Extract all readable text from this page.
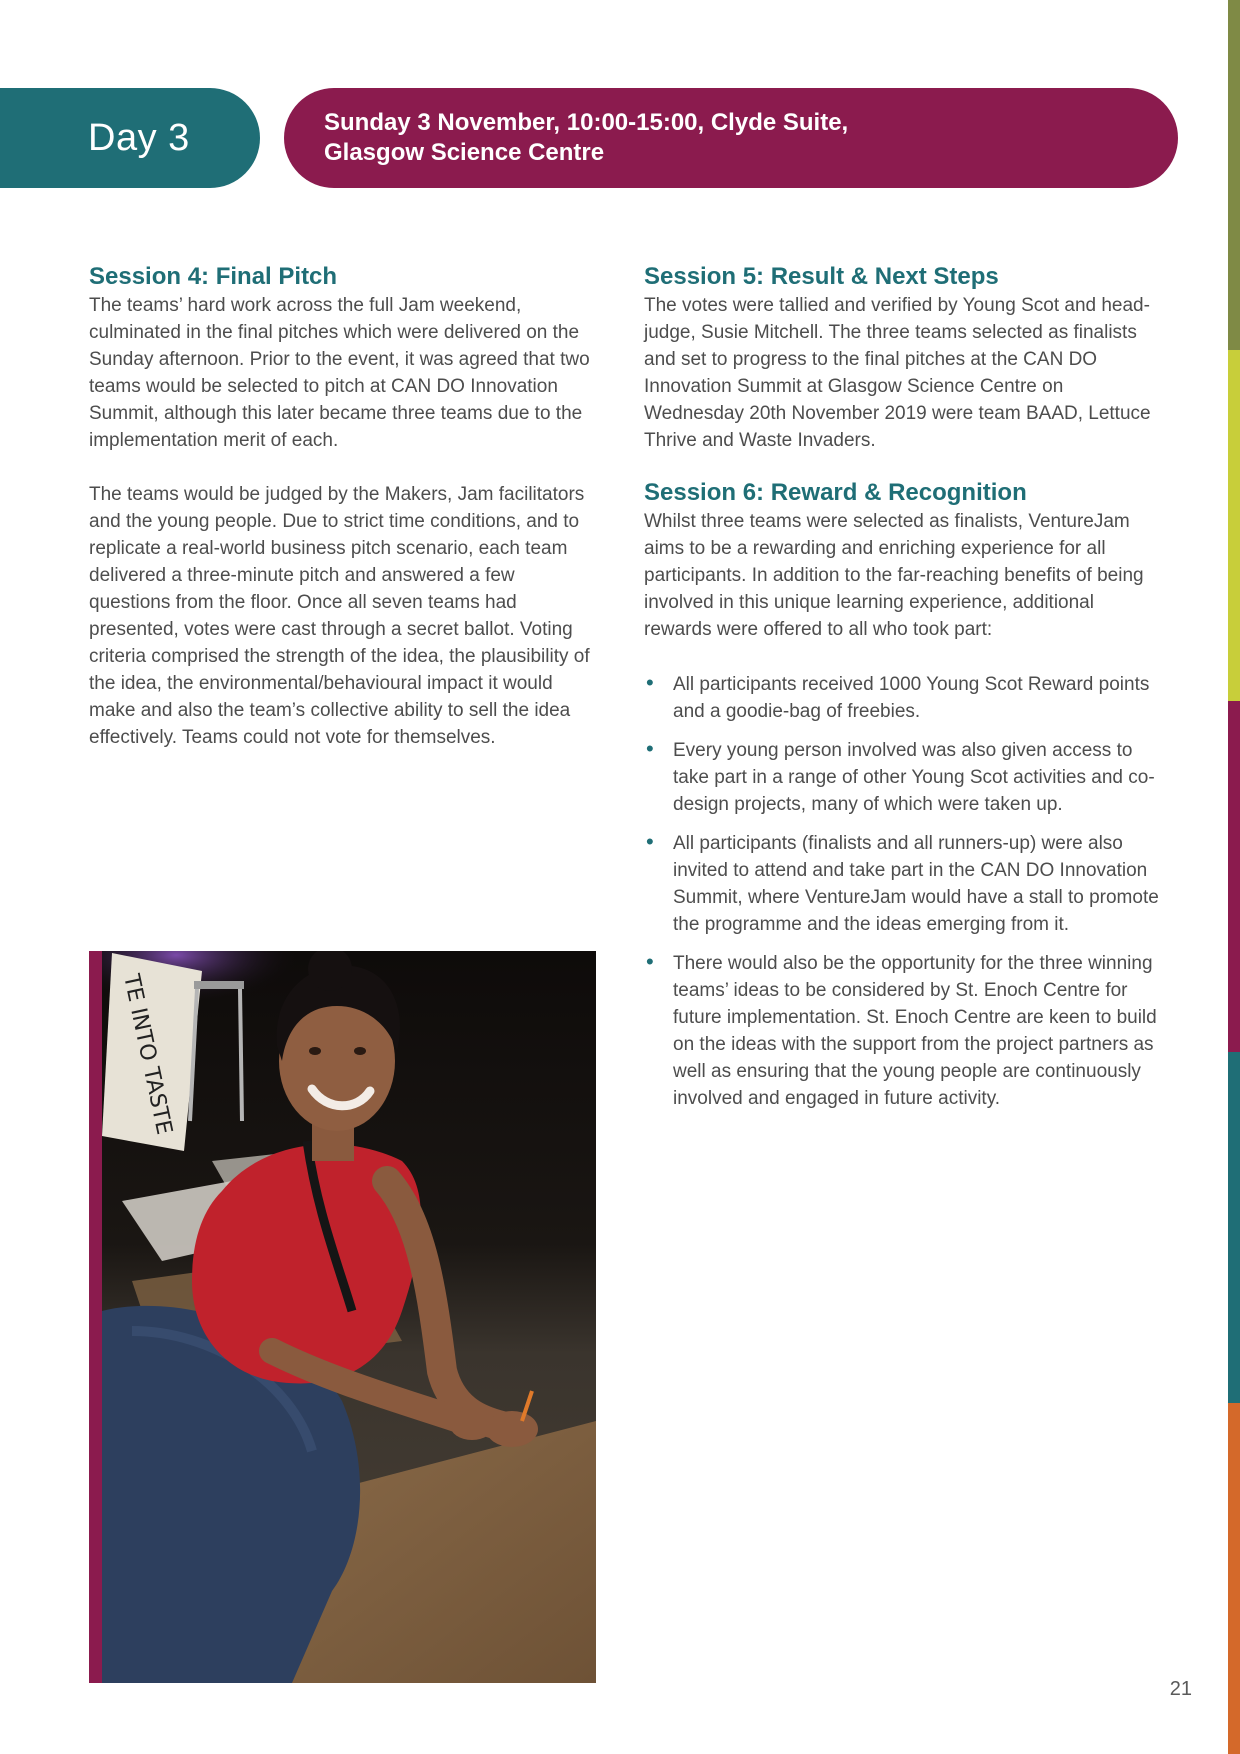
Day 3	Sunday 3 November, 10:00-15:00, Clyde Suite, Glasgow Science Centre
Session 4: Final Pitch

The teams’ hard work across the full Jam weekend, culminated in the final pitches which were delivered on the Sunday afternoon. Prior to the event, it was agreed that two teams would be selected to pitch at CAN DO Innovation Summit, although this later became three teams due to the implementation merit of each.

The teams would be judged by the Makers, Jam facilitators and the young people. Due to strict time conditions, and to replicate a real-world business pitch scenario, each team delivered a three-minute pitch and answered a few questions from the floor. Once all seven teams had presented, votes were cast through a secret ballot. Voting criteria comprised the strength of the idea, the plausibility of the idea, the environmental/behavioural impact it would make and also the team’s collective ability to sell the idea effectively. Teams could not vote for themselves.

Session 5: Result & Next Steps

The votes were tallied and verified by Young Scot and head-judge, Susie Mitchell. The three teams selected as finalists and set to progress to the final pitches at the CAN DO Innovation Summit at Glasgow Science Centre on Wednesday 20th November 2019 were team BAAD, Lettuce Thrive and Waste Invaders.

Session 6: Reward & Recognition

Whilst three teams were selected as finalists, VentureJam aims to be a rewarding and enriching experience for all participants. In addition to the far-reaching benefits of being involved in this unique learning experience, additional rewards were offered to all who took part:

• All participants received 1000 Young Scot Reward points and a goodie-bag of freebies.
• Every young person involved was also given access to take part in a range of other Young Scot activities and co-design projects, many of which were taken up.
• All participants (finalists and all runners-up) were also invited to attend and take part in the CAN DO Innovation Summit, where VentureJam would have a stall to promote the programme and the ideas emerging from it.
• There would also be the opportunity for the three winning teams’ ideas to be considered by St. Enoch Centre for future implementation. St. Enoch Centre are keen to build on the ideas with the support from the project partners as well as ensuring that the young people are continuously involved and engaged in future activity.
TE INTO TASTE
21
